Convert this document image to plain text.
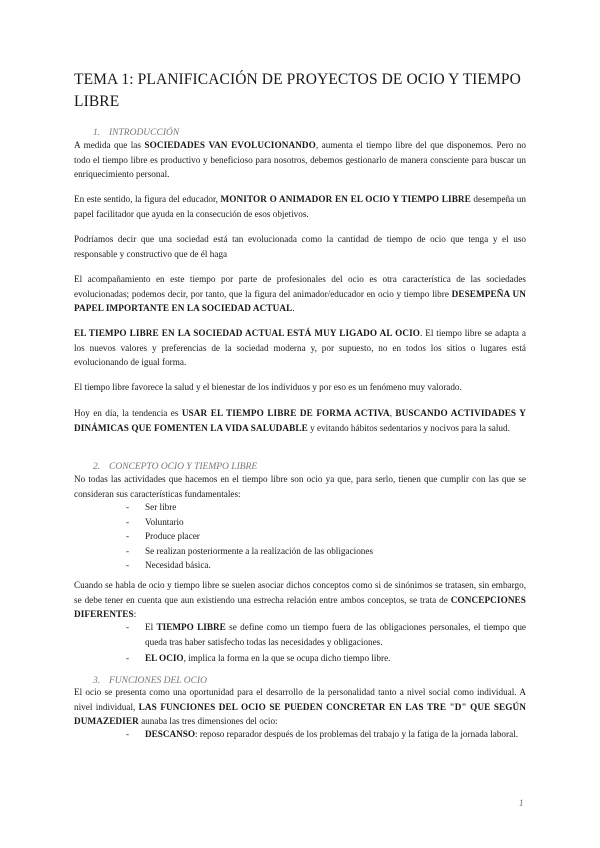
TEMA 1: PLANIFICACIÓN DE PROYECTOS DE OCIO Y TIEMPO LIBRE
1. INTRODUCCIÓN

A medida que las SOCIEDADES VAN EVOLUCIONANDO, aumenta el tiempo libre del que disponemos. Pero no todo el tiempo libre es productivo y beneficioso para nosotros, debemos gestionarlo de manera consciente para buscar un enriquecimiento personal.

En este sentido, la figura del educador, MONITOR O ANIMADOR EN EL OCIO Y TIEMPO LIBRE desempeña un papel facilitador que ayuda en la consecución de esos objetivos.

Podríamos decir que una sociedad está tan evolucionada como la cantidad de tiempo de ocio que tenga y el uso responsable y constructivo que de él haga

El acompañamiento en este tiempo por parte de profesionales del ocio es otra característica de las sociedades evolucionadas; podemos decir, por tanto, que la figura del animador/educador en ocio y tiempo libre DESEMPEÑA UN PAPEL IMPORTANTE EN LA SOCIEDAD ACTUAL.

EL TIEMPO LIBRE EN LA SOCIEDAD ACTUAL ESTÁ MUY LIGADO AL OCIO. El tiempo libre se adapta a los nuevos valores y preferencias de la sociedad moderna y, por supuesto, no en todos los sitios o lugares está evolucionando de igual forma.

El tiempo libre favorece la salud y el bienestar de los individuos y por eso es un fenómeno muy valorado.

Hoy en día, la tendencia es USAR EL TIEMPO LIBRE DE FORMA ACTIVA, BUSCANDO ACTIVIDADES Y DINÁMICAS QUE FOMENTEN LA VIDA SALUDABLE y evitando hábitos sedentarios y nocivos para la salud.

2. CONCEPTO OCIO Y TIEMPO LIBRE

No todas las actividades que hacemos en el tiempo libre son ocio ya que, para serlo, tienen que cumplir con las que se consideran sus características fundamentales:

- Ser libre
- Voluntario
- Produce placer
- Se realizan posteriormente a la realización de las obligaciones
- Necesidad básica.

Cuando se habla de ocio y tiempo libre se suelen asociar dichos conceptos como si de sinónimos se tratasen, sin embargo, se debe tener en cuenta que aun existiendo una estrecha relación entre ambos conceptos, se trata de CONCEPCIONES DIFERENTES:

- El TIEMPO LIBRE se define como un tiempo fuera de las obligaciones personales, el tiempo que queda tras haber satisfecho todas las necesidades y obligaciones.
- EL OCIO, implica la forma en la que se ocupa dicho tiempo libre.
3. FUNCIONES DEL OCIO

El ocio se presenta como una oportunidad para el desarrollo de la personalidad tanto a nivel social como individual. A nivel individual, LAS FUNCIONES DEL OCIO SE PUEDEN CONCRETAR EN LAS TRE "D" QUE SEGÚN DUMAZEDIER aunaba las tres dimensiones del ocio:

- DESCANSO: reposo reparador después de los problemas del trabajo y la fatiga de la jornada laboral.
1
